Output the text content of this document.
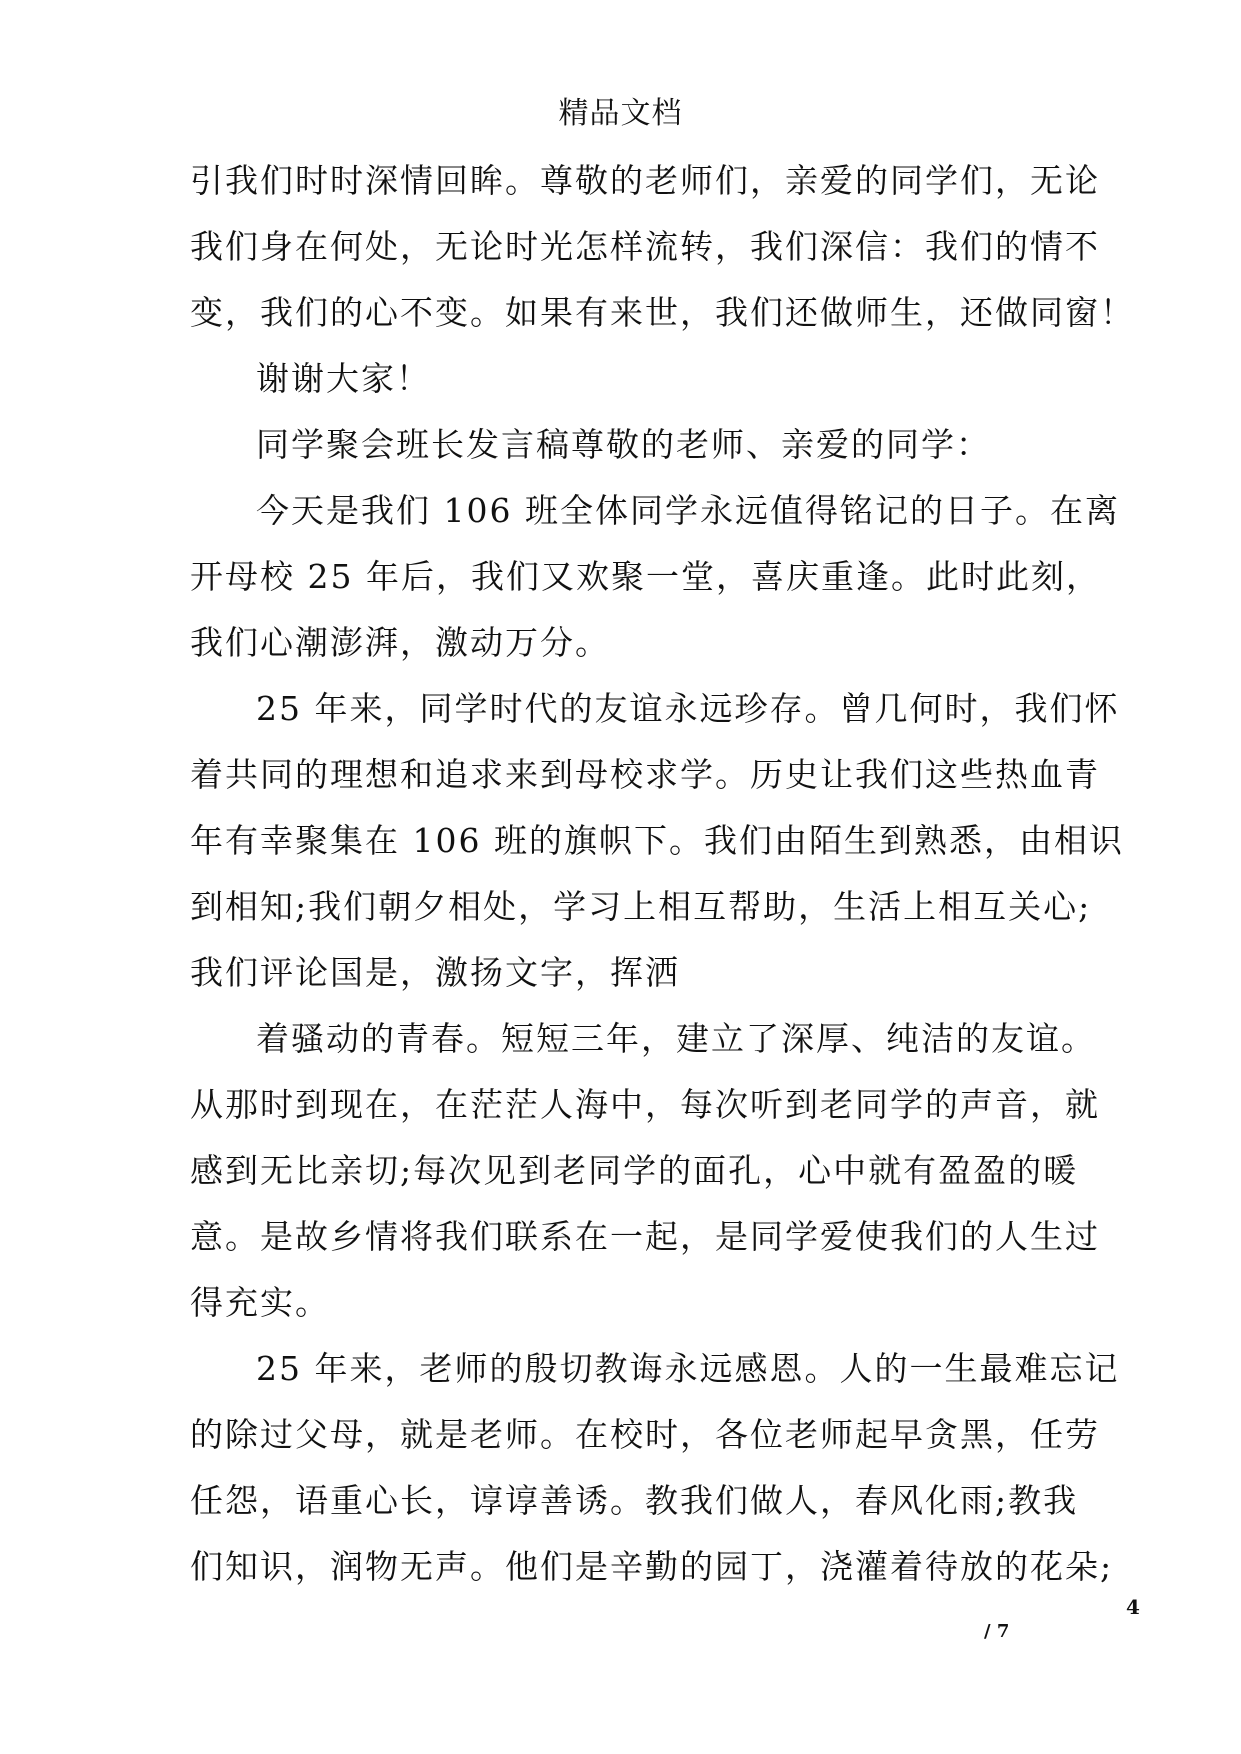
精品文档
引我们时时深情回眸。尊敬的老师们，亲爱的同学们，无论
我们身在何处，无论时光怎样流转，我们深信：我们的情不
变，我们的心不变。如果有来世，我们还做师生，还做同窗！
谢谢大家！
同学聚会班长发言稿尊敬的老师、亲爱的同学：
今天是我们 106 班全体同学永远值得铭记的日子。在离
开母校 25 年后，我们又欢聚一堂，喜庆重逢。此时此刻，
我们心潮澎湃，激动万分。
25 年来，同学时代的友谊永远珍存。曾几何时，我们怀
着共同的理想和追求来到母校求学。历史让我们这些热血青
年有幸聚集在 106 班的旗帜下。我们由陌生到熟悉，由相识
到相知;我们朝夕相处，学习上相互帮助，生活上相互关心;
我们评论国是，激扬文字，挥洒
着骚动的青春。短短三年，建立了深厚、纯洁的友谊。
从那时到现在，在茫茫人海中，每次听到老同学的声音，就
感到无比亲切;每次见到老同学的面孔，心中就有盈盈的暖
意。是故乡情将我们联系在一起，是同学爱使我们的人生过
得充实。
25 年来，老师的殷切教诲永远感恩。人的一生最难忘记
的除过父母，就是老师。在校时，各位老师起早贪黑，任劳
任怨，语重心长，谆谆善诱。教我们做人，春风化雨;教我
们知识，润物无声。他们是辛勤的园丁，浇灌着待放的花朵;
4
/ 7
